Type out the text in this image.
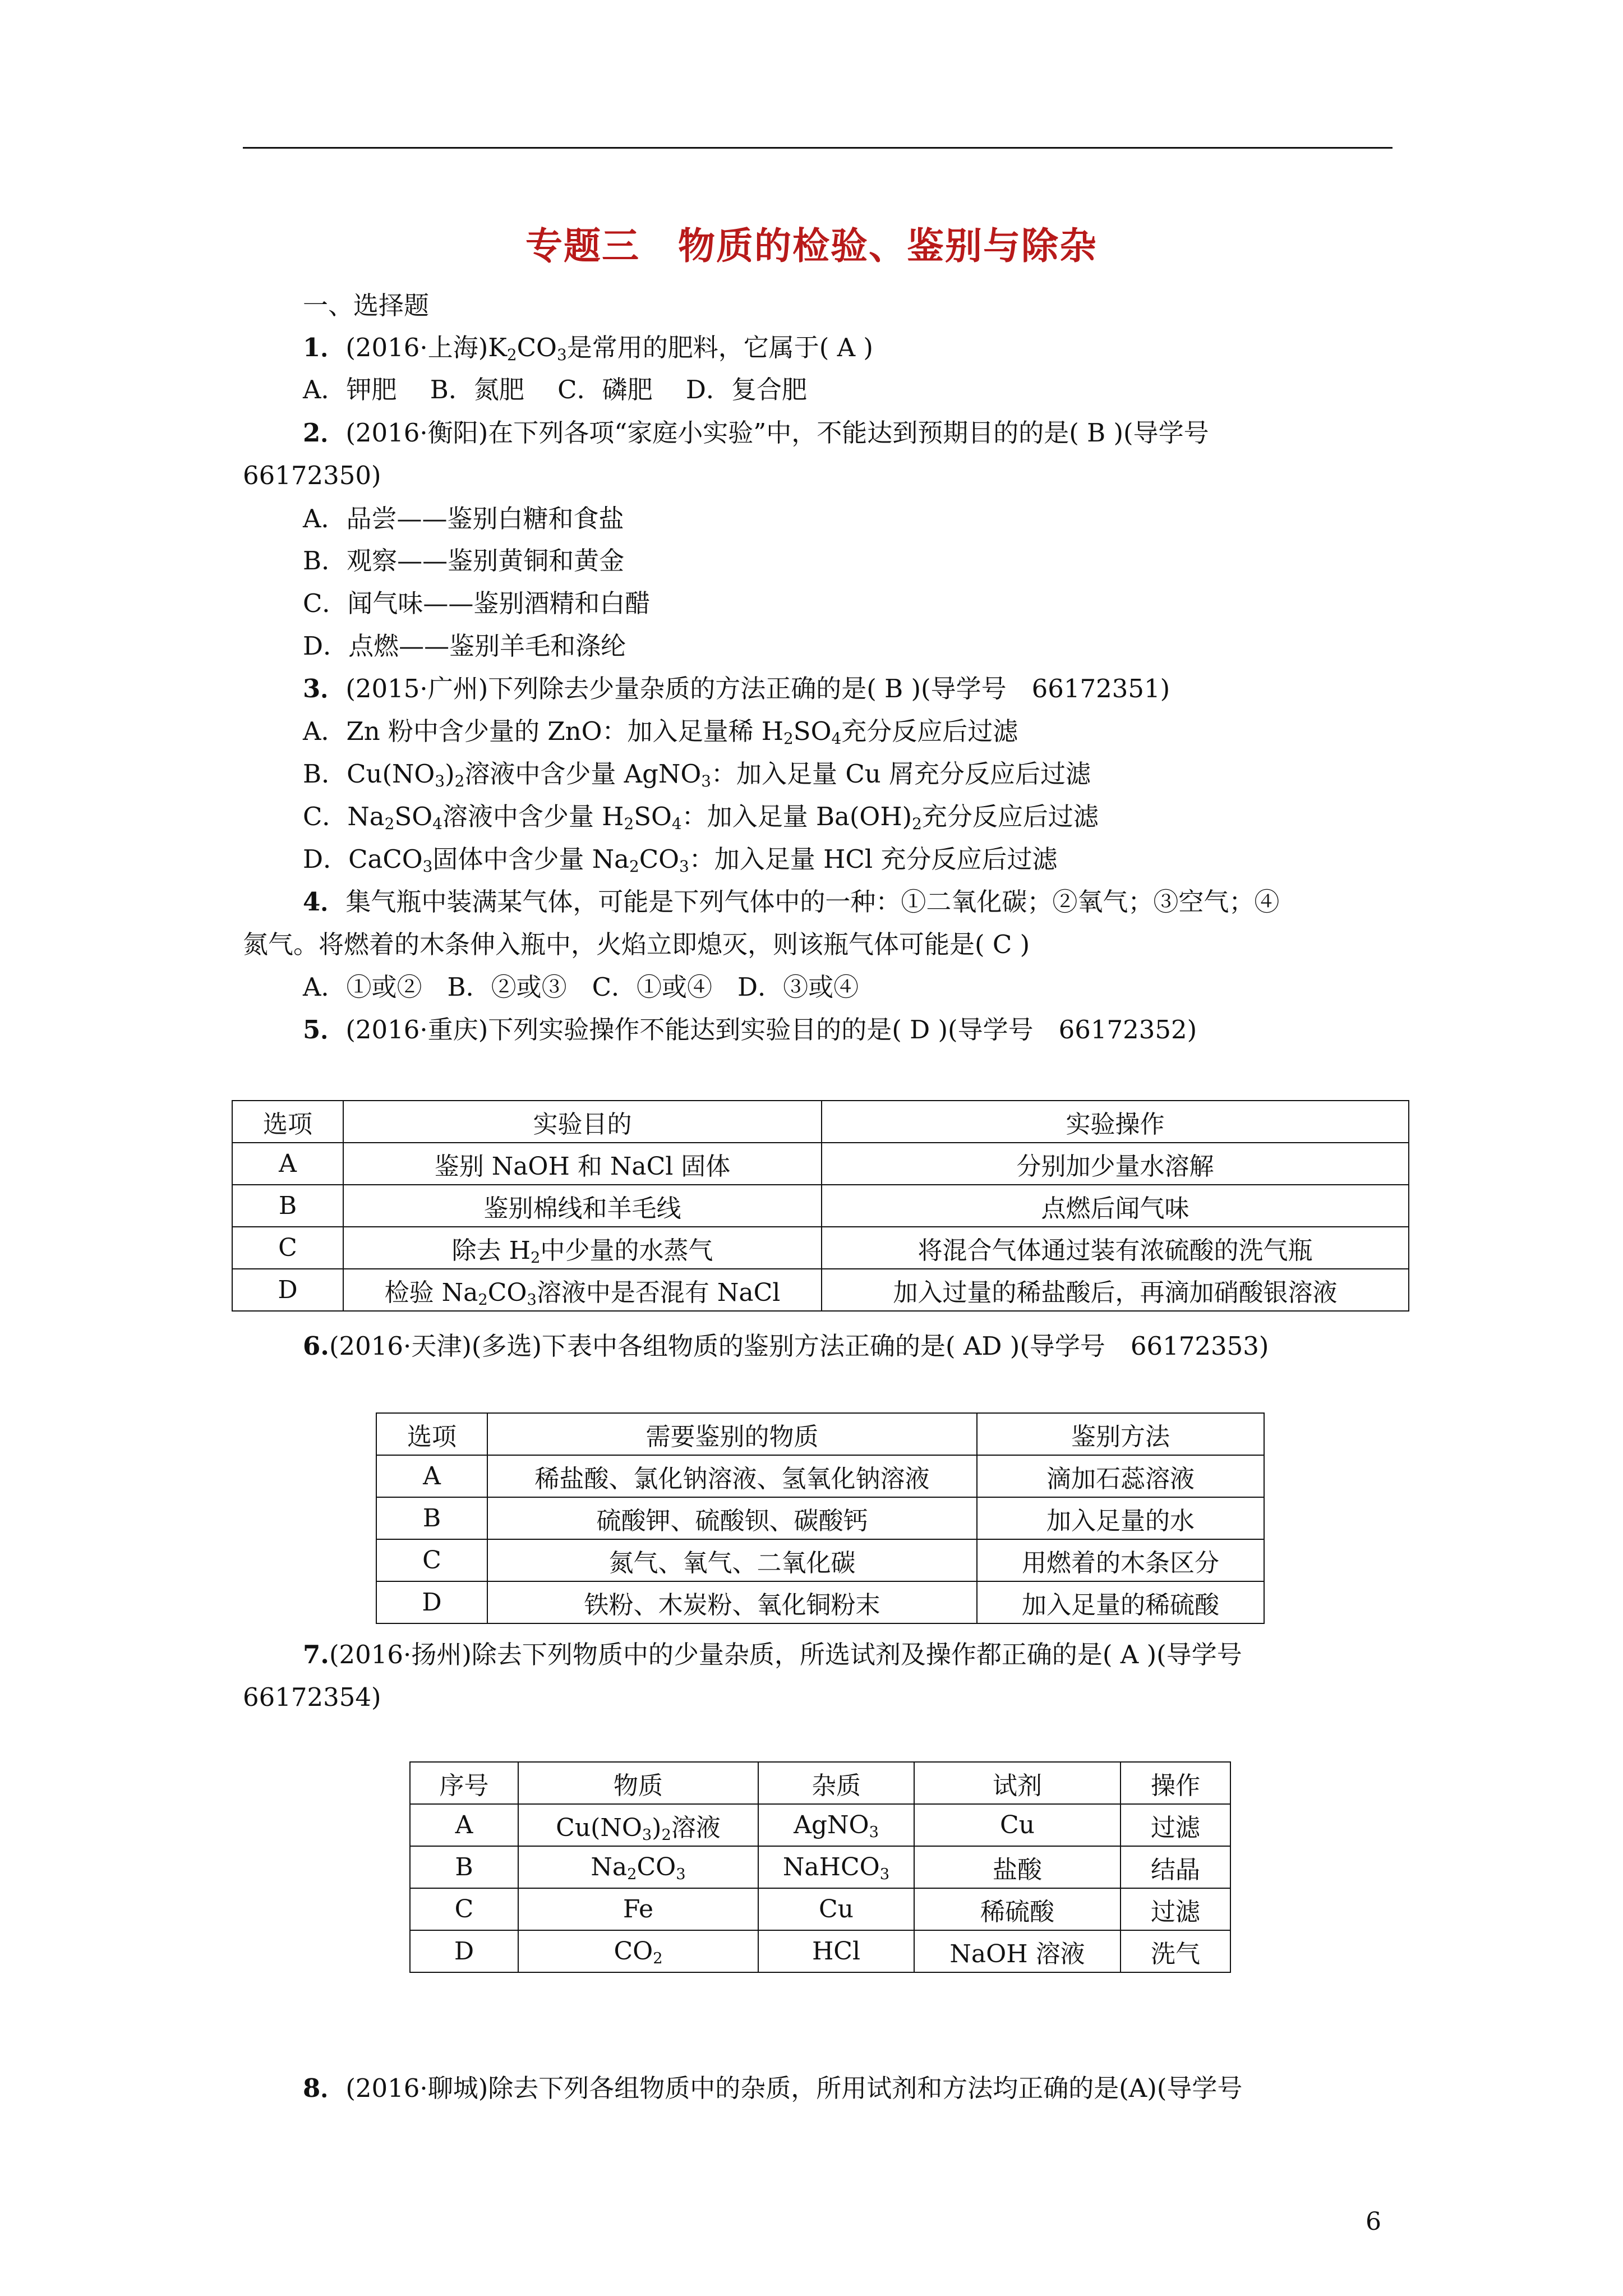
专题三　物质的检验、鉴别与除杂
一、选择题
1．(2016·上海)$K_2CO_3$是常用的肥料，它属于( A )
A．钾肥　 B．氮肥　 C．磷肥　 D．复合肥
2．(2016·衡阳)在下列各项“家庭小实验”中，不能达到预期目的的是( B )(导学号
66172350)
A．品尝——鉴别白糖和食盐
B．观察——鉴别黄铜和黄金
C．闻气味——鉴别酒精和白醋
D．点燃——鉴别羊毛和涤纶
3．(2015·广州)下列除去少量杂质的方法正确的是( B )(导学号　66172351)
A．Zn 粉中含少量的 ZnO：加入足量稀 $H_2SO_4$充分反应后过滤
B．$Cu(NO_3)_2$溶液中含少量 AgNO$_3$：加入足量 Cu 屑充分反应后过滤
C．$Na_2SO_4$溶液中含少量 $H_2SO_4$：加入足量 $Ba(OH)_2$充分反应后过滤
D．CaCO$_3$固体中含少量 $Na_2CO_3$：加入足量 HCl 充分反应后过滤
4．集气瓶中装满某气体，可能是下列气体中的一种：①二氧化碳；②氧气；③空气；④
氮气。将燃着的木条伸入瓶中，火焰立即熄灭，则该瓶气体可能是( C )
A．①或②　B．②或③　C．①或④　D．③或④
5．(2016·重庆)下列实验操作不能达到实验目的的是( D )(导学号　66172352)
选项	实验目的	实验操作
A	鉴别 NaOH 和 NaCl 固体	分别加少量水溶解
B	鉴别棉线和羊毛线	点燃后闻气味
C	除去 $H_2$中少量的水蒸气	将混合气体通过装有浓硫酸的洗气瓶
D	检验 $Na_2CO_3$溶液中是否混有 NaCl	加入过量的稀盐酸后，再滴加硝酸银溶液
6.(2016·天津)(多选)下表中各组物质的鉴别方法正确的是( AD )(导学号　66172353)
选项	需要鉴别的物质	鉴别方法
A	稀盐酸、氯化钠溶液、氢氧化钠溶液	滴加石蕊溶液
B	硫酸钾、硫酸钡、碳酸钙	加入足量的水
C	氮气、氧气、二氧化碳	用燃着的木条区分
D	铁粉、木炭粉、氧化铜粉末	加入足量的稀硫酸
7.(2016·扬州)除去下列物质中的少量杂质，所选试剂及操作都正确的是( A )(导学号
66172354)
序号	物质	杂质	试剂	操作
A	$Cu(NO_3)_2$溶液	AgNO$_3$	Cu	过滤
B	$Na_2CO_3$	NaHCO$_3$	盐酸	结晶
C	Fe	Cu	稀硫酸	过滤
D	$CO_2$	HCl	NaOH 溶液	洗气
8．(2016·聊城)除去下列各组物质中的杂质，所用试剂和方法均正确的是(A)(导学号
6
